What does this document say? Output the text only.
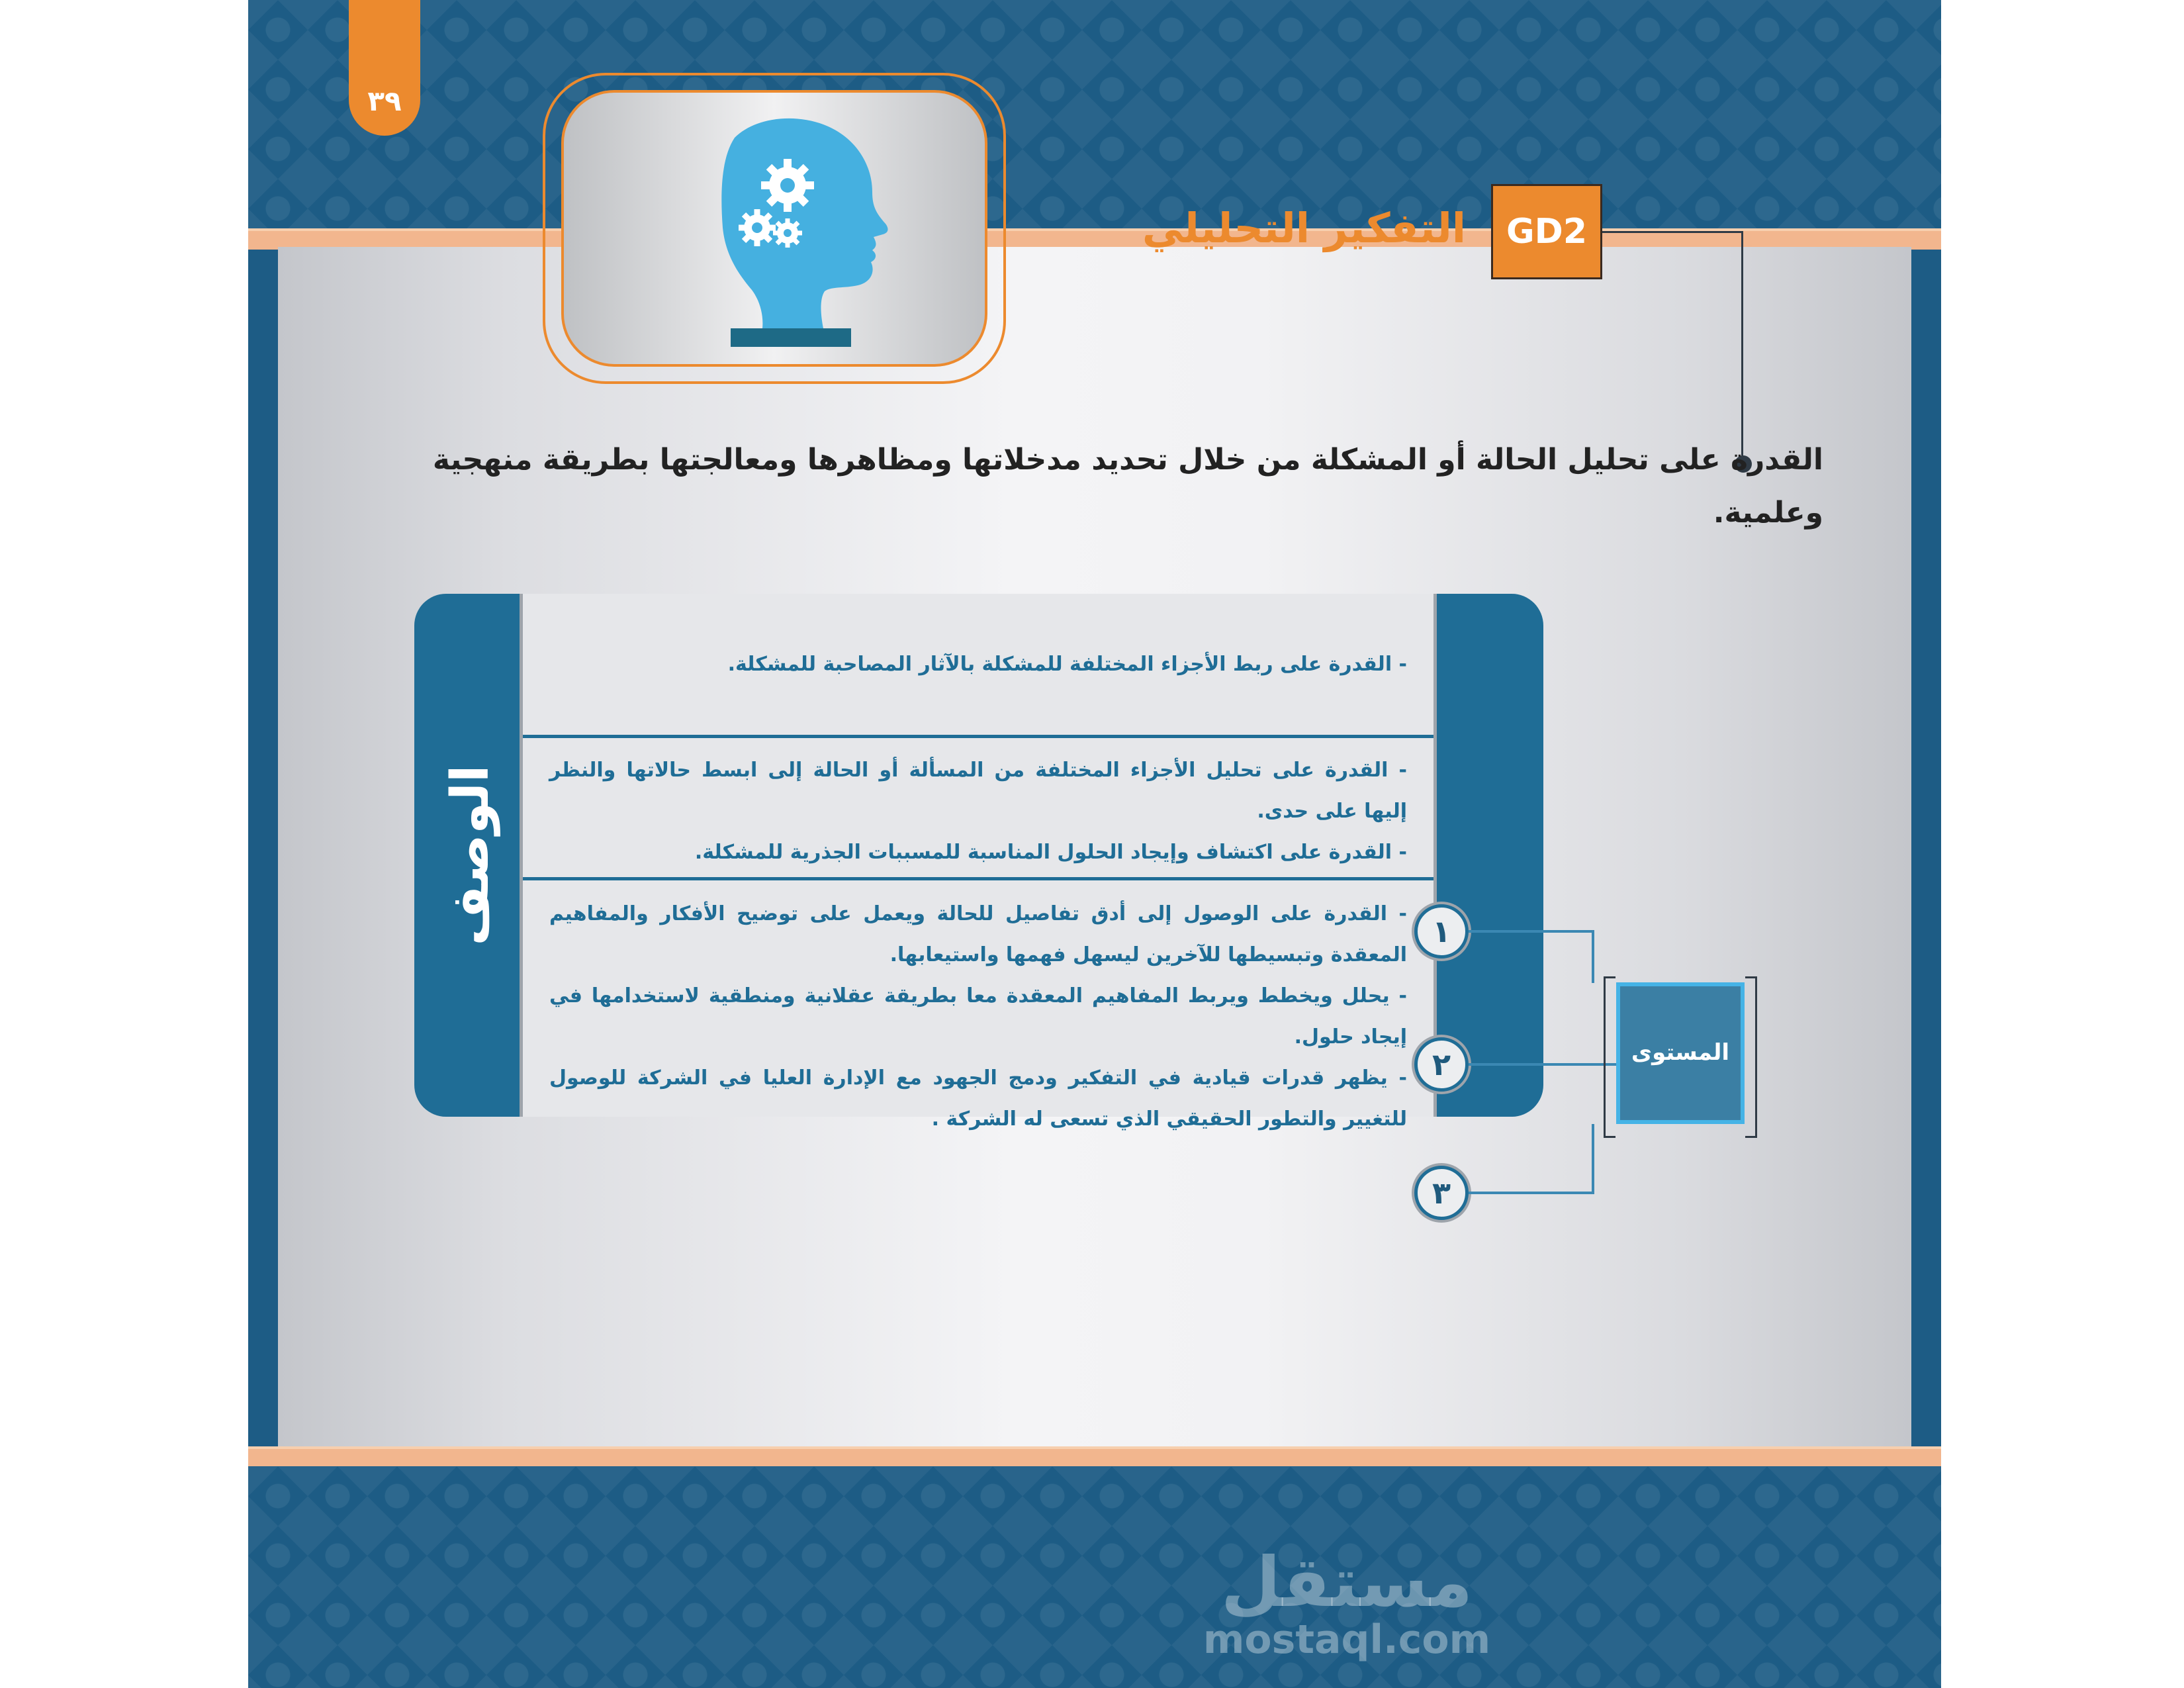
٣٩
التفكير التحليلي	GD2
القدرة على تحليل الحالة أو المشكلة من خلال تحديد مدخلاتها ومظاهرها ومعالجتها بطريقة منهجية وعلمية.
الوصف

- القدرة على ربط الأجزاء المختلفة للمشكلة بالآثار المصاحبة للمشكلة.

- القدرة على تحليل الأجزاء المختلفة من المسألة أو الحالة إلى ابسط حالاتها والنظر إليها على حدى.

- القدرة على اكتشاف وإيجاد الحلول المناسبة للمسببات الجذرية للمشكلة.

- القدرة على الوصول إلى أدق تفاصيل للحالة ويعمل على توضيح الأفكار والمفاهيم المعقدة وتبسيطها للآخرين ليسهل فهمها واستيعابها.

- يحلل ويخطط ويربط المفاهيم المعقدة معا بطريقة عقلانية ومنطقية لاستخدامها في إيجاد حلول.

- يظهر قدرات قيادية في التفكير ودمج الجهود مع الإدارة العليا في الشركة للوصول للتغيير والتطور الحقيقي الذي تسعى له الشركة .

١
٢
٣
المستوى
مستقل
mostaql.com
